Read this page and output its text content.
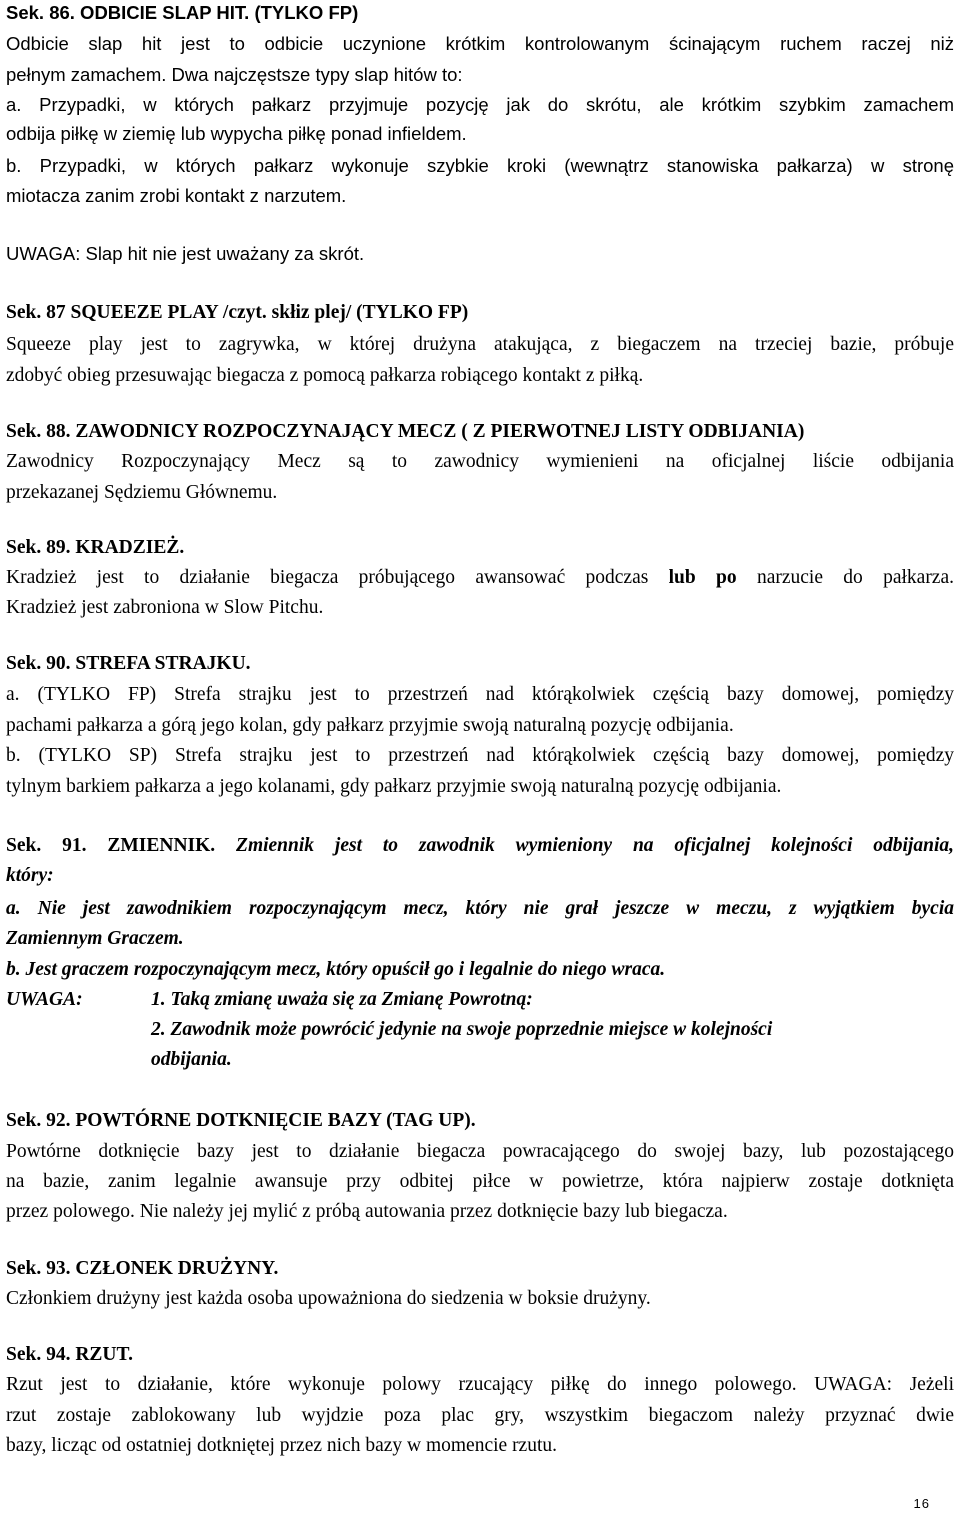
Sek. 86. ODBICIE SLAP HIT. (TYLKO FP)
Odbicie slap hit jest to odbicie uczynione krótkim kontrolowanym ścinającym ruchem raczej niż
pełnym zamachem. Dwa najczęstsze typy slap hitów to:
a. Przypadki, w których pałkarz przyjmuje pozycję jak do skrótu, ale krótkim szybkim zamachem
odbija piłkę w ziemię lub wypycha piłkę ponad infieldem.
b. Przypadki, w których pałkarz wykonuje szybkie kroki (wewnątrz stanowiska pałkarza) w stronę
miotacza zanim zrobi kontakt z narzutem.
UWAGA: Slap hit nie jest uważany za skrót.
Sek. 87 SQUEEZE PLAY /czyt. skłiz plej/ (TYLKO FP)
Squeeze play jest to zagrywka, w której drużyna atakująca, z biegaczem na trzeciej bazie, próbuje
zdobyć obieg przesuwając biegacza z pomocą pałkarza robiącego kontakt z piłką.
Sek. 88. ZAWODNICY ROZPOCZYNAJĄCY MECZ ( Z PIERWOTNEJ LISTY ODBIJANIA)
Zawodnicy Rozpoczynający Mecz są to zawodnicy wymienieni na oficjalnej liście odbijania
przekazanej Sędziemu Głównemu.
Sek. 89. KRADZIEŻ.
Kradzież jest to działanie biegacza próbującego awansować podczas lub po narzucie do pałkarza.
Kradzież jest zabroniona w Slow Pitchu.
Sek. 90. STREFA STRAJKU.
a. (TYLKO FP) Strefa strajku jest to przestrzeń nad którąkolwiek częścią bazy domowej, pomiędzy
pachami pałkarza a górą jego kolan, gdy pałkarz przyjmie swoją naturalną pozycję odbijania.
b. (TYLKO SP) Strefa strajku jest to przestrzeń nad którąkolwiek częścią bazy domowej, pomiędzy
tylnym barkiem pałkarza a jego kolanami, gdy pałkarz przyjmie swoją naturalną pozycję odbijania.
Sek. 91. ZMIENNIK. Zmiennik jest to zawodnik wymieniony na oficjalnej kolejności odbijania,
który:
a. Nie jest zawodnikiem rozpoczynającym mecz, który nie grał jeszcze w meczu, z wyjątkiem bycia
Zamiennym Graczem.
b. Jest graczem rozpoczynającym mecz, który opuścił go i legalnie do niego wraca.
UWAGA:	1. Taką zmianę uważa się za Zmianę Powrotną:
2. Zawodnik może powrócić jedynie na swoje poprzednie miejsce w kolejności
odbijania.
Sek. 92. POWTÓRNE DOTKNIĘCIE BAZY (TAG UP).
Powtórne dotknięcie bazy jest to działanie biegacza powracającego do swojej bazy, lub pozostającego
na bazie, zanim legalnie awansuje przy odbitej piłce w powietrze, która najpierw zostaje dotknięta
przez polowego. Nie należy jej mylić z próbą autowania przez dotknięcie bazy lub biegacza.
Sek. 93. CZŁONEK DRUŻYNY.
Członkiem drużyny jest każda osoba upoważniona do siedzenia w boksie drużyny.
Sek. 94. RZUT.
Rzut jest to działanie, które wykonuje polowy rzucający piłkę do innego polowego. UWAGA: Jeżeli
rzut zostaje zablokowany lub wyjdzie poza plac gry, wszystkim biegaczom należy przyznać dwie
bazy, licząc od ostatniej dotkniętej przez nich bazy w momencie rzutu.
16
